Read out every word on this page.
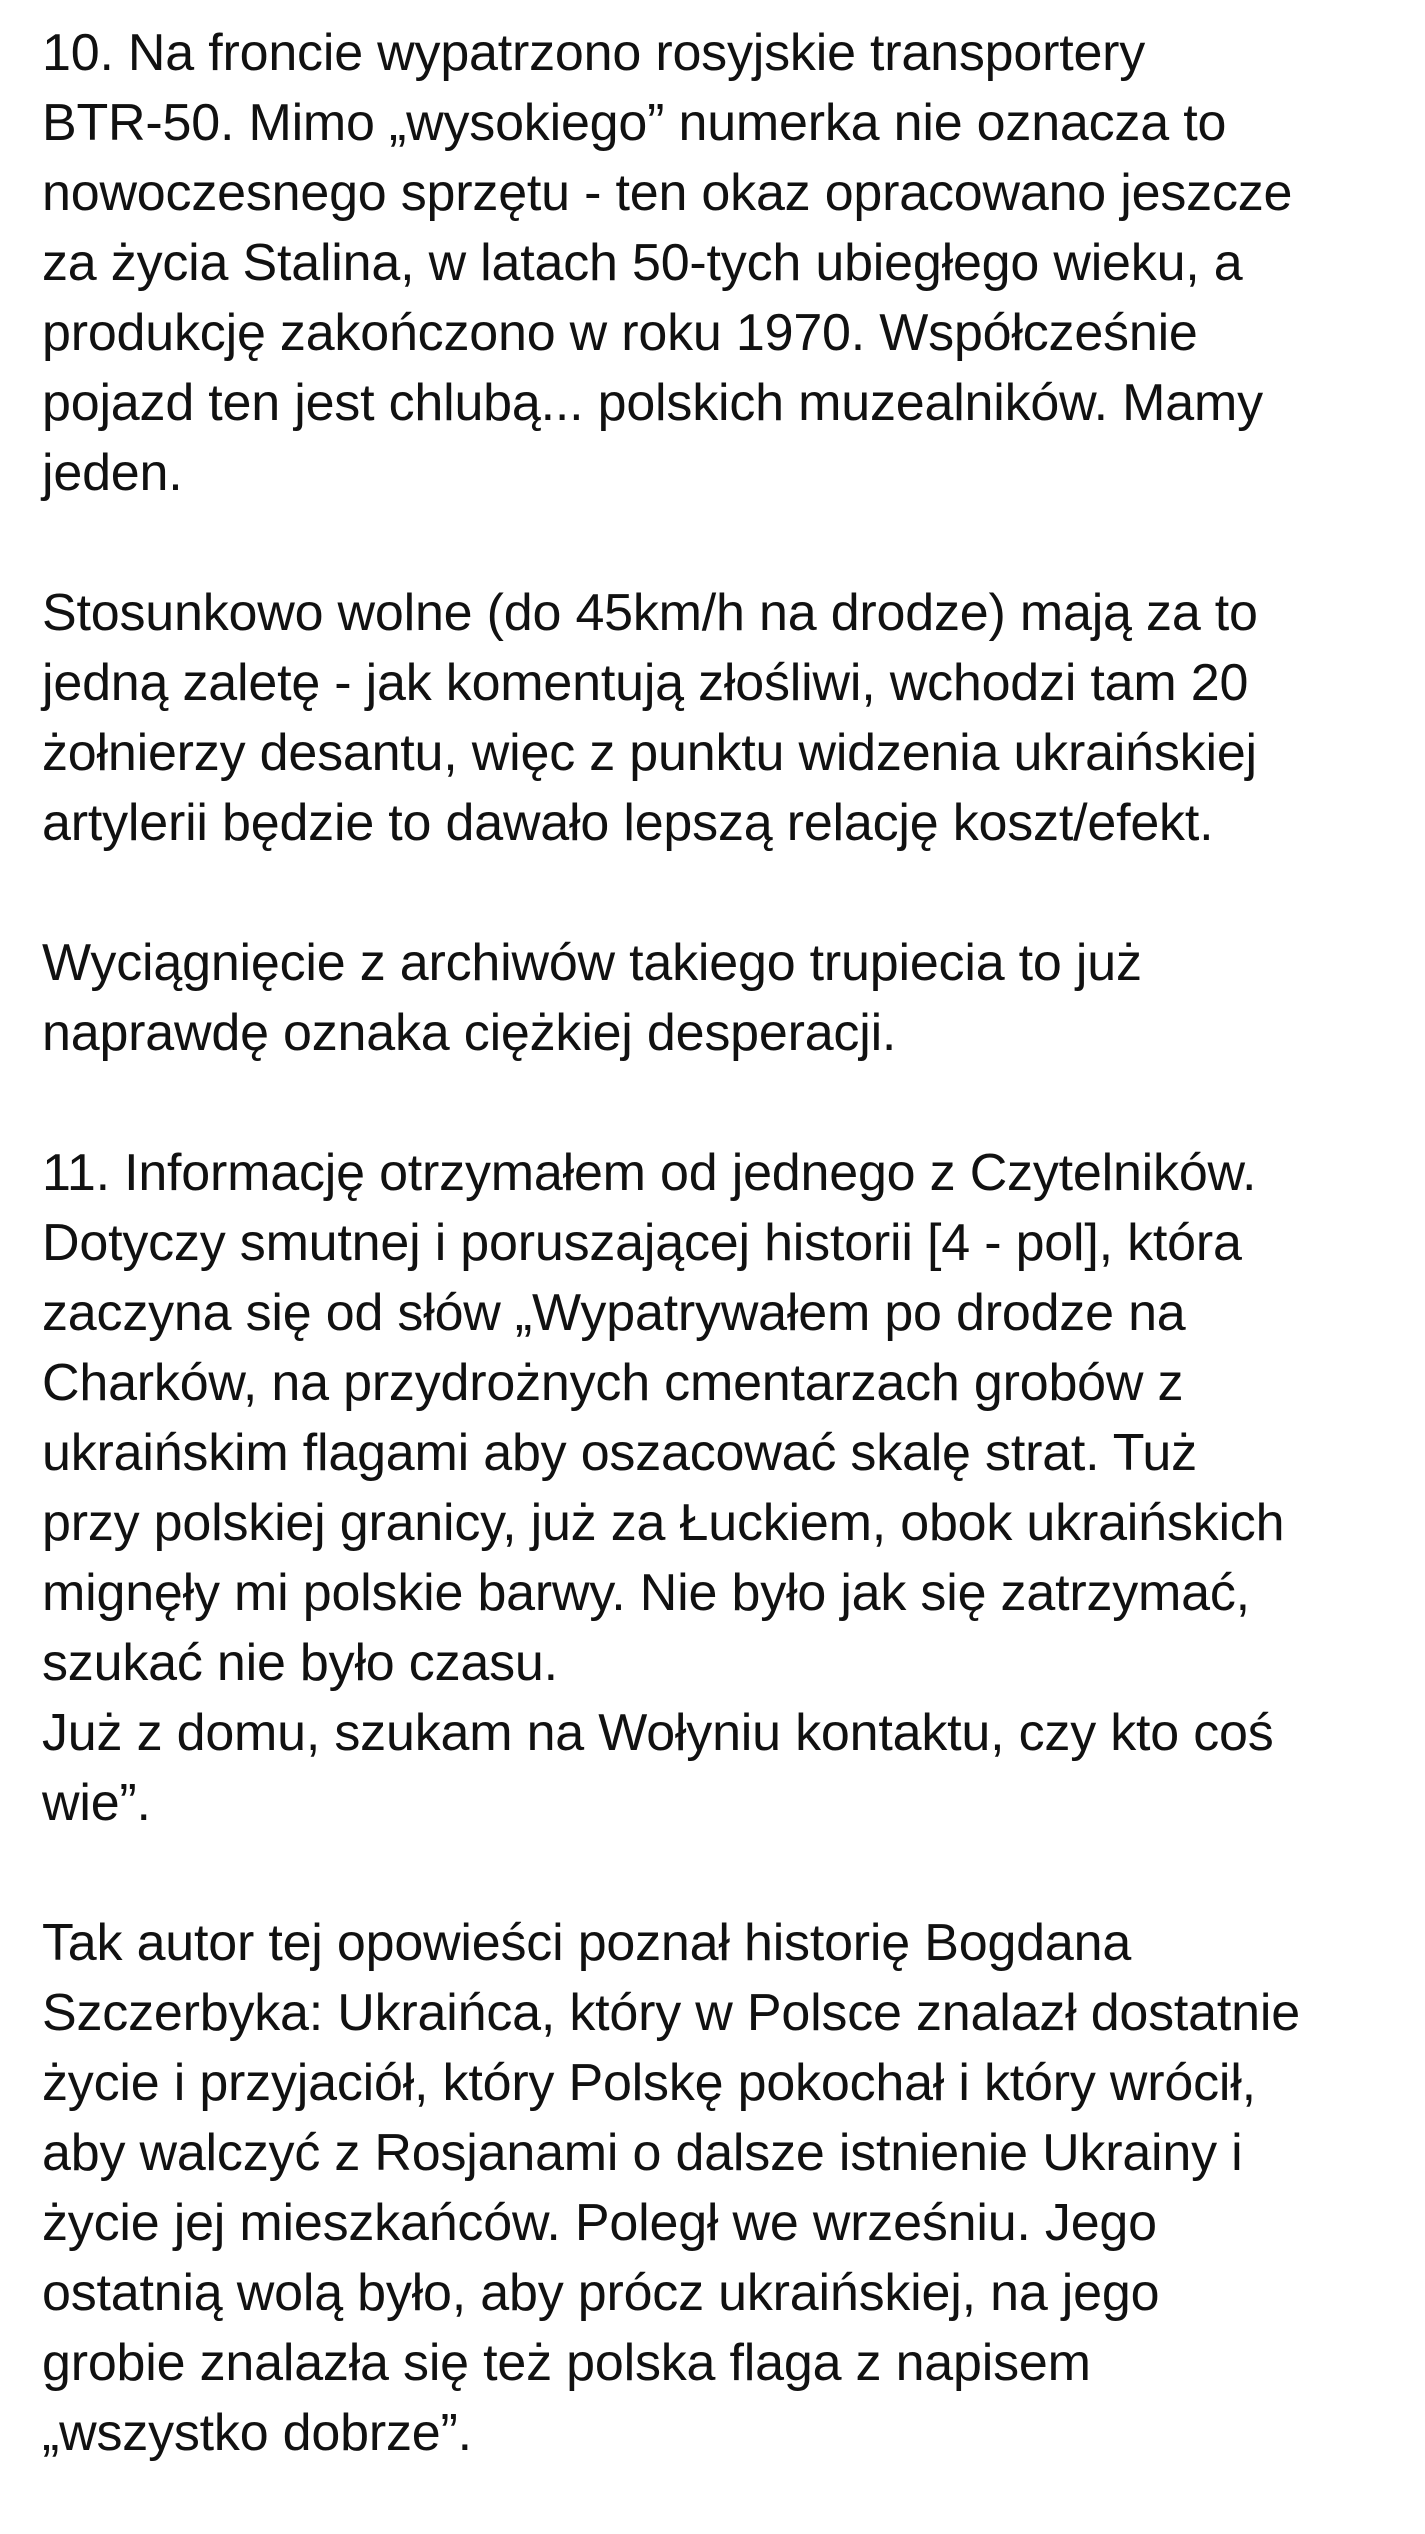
10. Na froncie wypatrzono rosyjskie transportery
BTR-50. Mimo „wysokiego” numerka nie oznacza to
nowoczesnego sprzętu - ten okaz opracowano jeszcze
za życia Stalina, w latach 50-tych ubiegłego wieku, a
produkcję zakończono w roku 1970. Współcześnie
pojazd ten jest chlubą... polskich muzealników. Mamy
jeden.
Stosunkowo wolne (do 45km/h na drodze) mają za to
jedną zaletę - jak komentują złośliwi, wchodzi tam 20
żołnierzy desantu, więc z punktu widzenia ukraińskiej
artylerii będzie to dawało lepszą relację koszt/efekt.
Wyciągnięcie z archiwów takiego trupiecia to już
naprawdę oznaka ciężkiej desperacji.
11. Informację otrzymałem od jednego z Czytelników.
Dotyczy smutnej i poruszającej historii [4 - pol], która
zaczyna się od słów „Wypatrywałem po drodze na
Charków, na przydrożnych cmentarzach grobów z
ukraińskim flagami aby oszacować skalę strat. Tuż
przy polskiej granicy, już za Łuckiem, obok ukraińskich
mignęły mi polskie barwy. Nie było jak się zatrzymać,
szukać nie było czasu.
Już z domu, szukam na Wołyniu kontaktu, czy kto coś
wie”.
Tak autor tej opowieści poznał historię Bogdana
Szczerbyka: Ukraińca, który w Polsce znalazł dostatnie
życie i przyjaciół, który Polskę pokochał i który wrócił,
aby walczyć z Rosjanami o dalsze istnienie Ukrainy i
życie jej mieszkańców. Poległ we wrześniu. Jego
ostatnią wolą było, aby prócz ukraińskiej, na jego
grobie znalazła się też polska flaga z napisem
„wszystko dobrze”.
